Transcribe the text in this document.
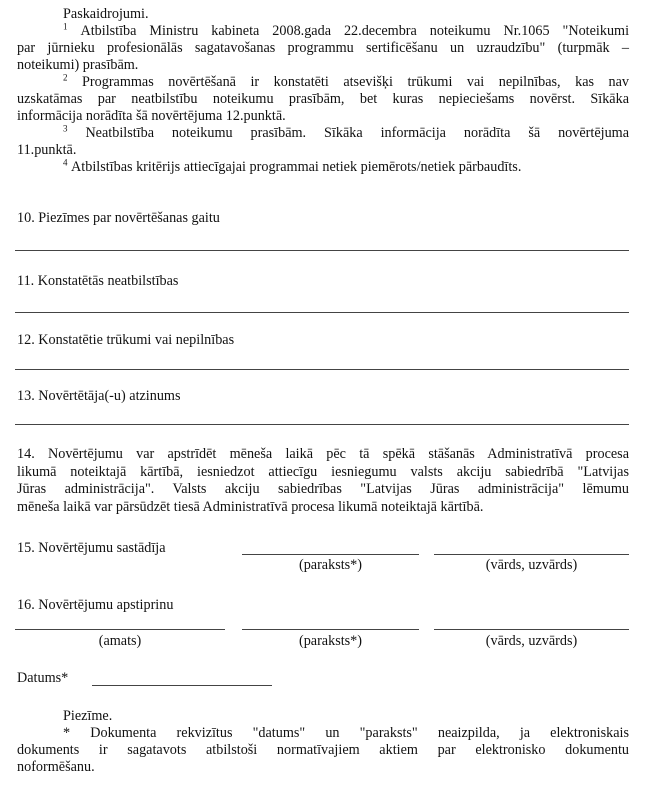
Paskaidrojumi.
$^1$ Atbilstība Ministru kabineta 2008.gada 22.decembra noteikumu Nr.1065 "Noteikumi
par jūrnieku profesionālās sagatavošanas programmu sertificēšanu un uzraudzību" (turpmāk –
noteikumi) prasībām.
$^2$ Programmas novērtēšanā ir konstatēti atsevišķi trūkumi vai nepilnības, kas nav
uzskatāmas par neatbilstību noteikumu prasībām, bet kuras nepieciešams novērst. Sīkāka
informācija norādīta šā novērtējuma 12.punktā.
$^3$ Neatbilstība noteikumu prasībām. Sīkāka informācija norādīta šā novērtējuma
11.punktā.
$^4$ Atbilstības kritērijs attiecīgajai programmai netiek piemērots/netiek pārbaudīts.
10. Piezīmes par novērtēšanas gaitu
11. Konstatētās neatbilstības
12. Konstatētie trūkumi vai nepilnības
13. Novērtētāja(-u) atzinums
14. Novērtējumu var apstrīdēt mēneša laikā pēc tā spēkā stāšanās Administratīvā procesa
likumā noteiktajā kārtībā, iesniedzot attiecīgu iesniegumu valsts akciju sabiedrībā "Latvijas
Jūras administrācija". Valsts akciju sabiedrības "Latvijas Jūras administrācija" lēmumu
mēneša laikā var pārsūdzēt tiesā Administratīvā procesa likumā noteiktajā kārtībā.
15. Novērtējumu sastādīja
(paraksts*)	(vārds, uzvārds)
16. Novērtējumu apstiprinu
(amats)	(paraksts*)	(vārds, uzvārds)
Datums*
Piezīme.
* Dokumenta rekvizītus "datums" un "paraksts" neaizpilda, ja elektroniskais
dokuments ir sagatavots atbilstoši normatīvajiem aktiem par elektronisko dokumentu
noformēšanu.
